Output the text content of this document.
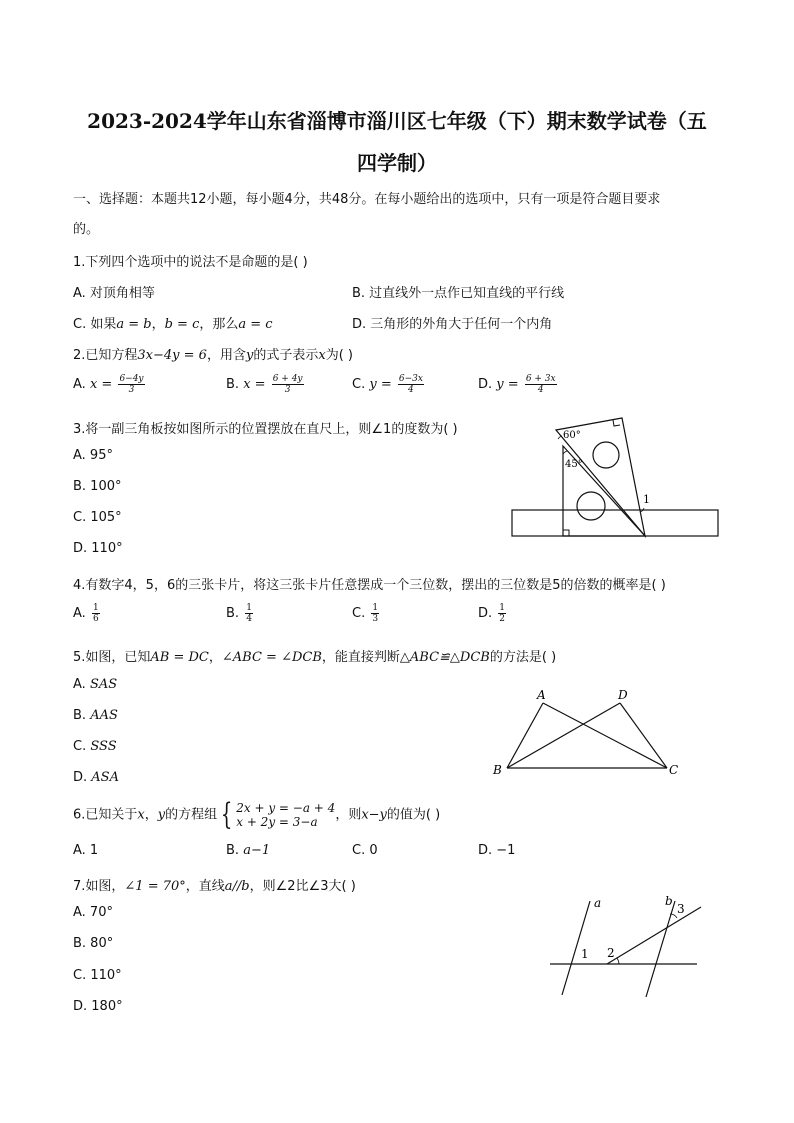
2023-2024学年山东省淄博市淄川区七年级（下）期末数学试卷（五
四学制）
一、选择题：本题共12小题，每小题4分，共48分。在每小题给出的选项中，只有一项是符合题目要求
的。
1.下列四个选项中的说法不是命题的是( )
A. 对顶角相等	B. 过直线外一点作已知直线的平行线
C. 如果a = b，b = c，那么a = c	D. 三角形的外角大于任何一个内角
2.已知方程3x−4y = 6，用含y的式子表示x为( )
A. $x = \frac{6-4y}{3}$	B. $x = \frac{6 + 4y}{3}$	C. $y = \frac{6-3x}{4}$	D. $y = \frac{6 + 3x}{4}$
3.将一副三角板按如图所示的位置摆放在直尺上，则∠1的度数为( )
A. 95°
B. 100°
C. 105°
D. 110°
60°
45°
1
4.有数字4，5，6的三张卡片，将这三张卡片任意摆成一个三位数，摆出的三位数是5的倍数的概率是( )
A. $\frac{1}{6}$	B. $\frac{1}{4}$	C. $\frac{1}{3}$	D. $\frac{1}{2}$
5.如图，已知AB = DC，∠ABC = ∠DCB，能直接判断△ABC≌△DCB的方法是( )
A. SAS
B. AAS
C. SSS
D. ASA
A	D
B	C
6.已知关于x，y的方程组 { 2x + y = −a + 4
x + 2y = 3−a	，则x−y的值为( )
A. 1	B. a−1	C. 0	D. −1
7.如图，∠1 = 70°，直线a//b，则∠2比∠3大( )
A. 70°
B. 80°
C. 110°
D. 180°
a	b
1 2
3
